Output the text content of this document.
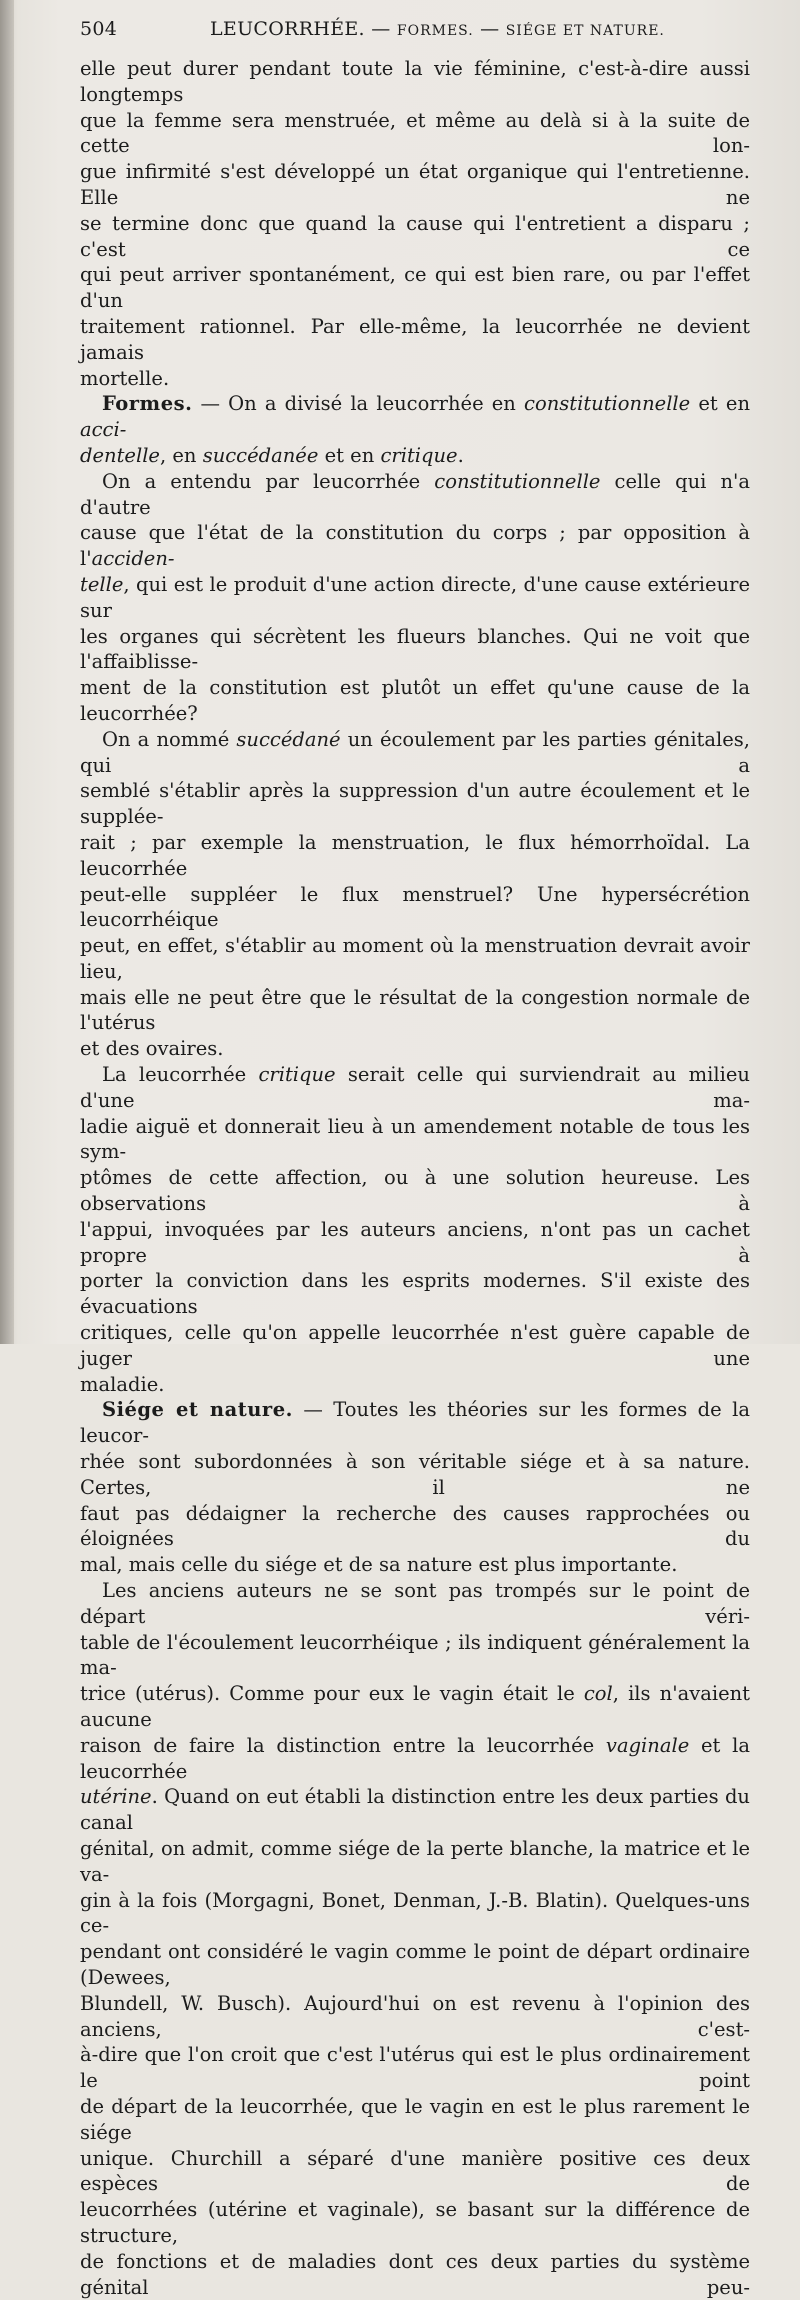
504	LEUCORRHÉE. — FORMES. — SIÉGE ET NATURE.

elle peut durer pendant toute la vie féminine, c'est-à-dire aussi longtemps

que la femme sera menstruée, et même au delà si à la suite de cette lon-

gue infirmité s'est développé un état organique qui l'entretienne. Elle ne

se termine donc que quand la cause qui l'entretient a disparu ; c'est ce

qui peut arriver spontanément, ce qui est bien rare, ou par l'effet d'un

traitement rationnel. Par elle-même, la leucorrhée ne devient jamais

mortelle.

Formes. — On a divisé la leucorrhée en constitutionnelle et en acci-

dentelle, en succédanée et en critique.

On a entendu par leucorrhée constitutionnelle celle qui n'a d'autre

cause que l'état de la constitution du corps ; par opposition à l'acciden-

telle, qui est le produit d'une action directe, d'une cause extérieure sur

les organes qui sécrètent les flueurs blanches. Qui ne voit que l'affaiblisse-

ment de la constitution est plutôt un effet qu'une cause de la leucorrhée?

On a nommé succédané un écoulement par les parties génitales, qui a

semblé s'établir après la suppression d'un autre écoulement et le supplée-

rait ; par exemple la menstruation, le flux hémorrhoïdal. La leucorrhée

peut-elle suppléer le flux menstruel? Une hypersécrétion leucorrhéique

peut, en effet, s'établir au moment où la menstruation devrait avoir lieu,

mais elle ne peut être que le résultat de la congestion normale de l'utérus

et des ovaires.

La leucorrhée critique serait celle qui surviendrait au milieu d'une ma-

ladie aiguë et donnerait lieu à un amendement notable de tous les sym-

ptômes de cette affection, ou à une solution heureuse. Les observations à

l'appui, invoquées par les auteurs anciens, n'ont pas un cachet propre à

porter la conviction dans les esprits modernes. S'il existe des évacuations

critiques, celle qu'on appelle leucorrhée n'est guère capable de juger une

maladie.

Siége et nature. — Toutes les théories sur les formes de la leucor-

rhée sont subordonnées à son véritable siége et à sa nature. Certes, il ne

faut pas dédaigner la recherche des causes rapprochées ou éloignées du

mal, mais celle du siége et de sa nature est plus importante.

Les anciens auteurs ne se sont pas trompés sur le point de départ véri-

table de l'écoulement leucorrhéique ; ils indiquent généralement la ma-

trice (utérus). Comme pour eux le vagin était le col, ils n'avaient aucune

raison de faire la distinction entre la leucorrhée vaginale et la leucorrhée

utérine. Quand on eut établi la distinction entre les deux parties du canal

génital, on admit, comme siége de la perte blanche, la matrice et le va-

gin à la fois (Morgagni, Bonet, Denman, J.-B. Blatin). Quelques-uns ce-

pendant ont considéré le vagin comme le point de départ ordinaire (Dewees,

Blundell, W. Busch). Aujourd'hui on est revenu à l'opinion des anciens, c'est-

à-dire que l'on croit que c'est l'utérus qui est le plus ordinairement le point

de départ de la leucorrhée, que le vagin en est le plus rarement le siége

unique. Churchill a séparé d'une manière positive ces deux espèces de

leucorrhées (utérine et vaginale), se basant sur la différence de structure,

de fonctions et de maladies dont ces deux parties du système génital peu-
